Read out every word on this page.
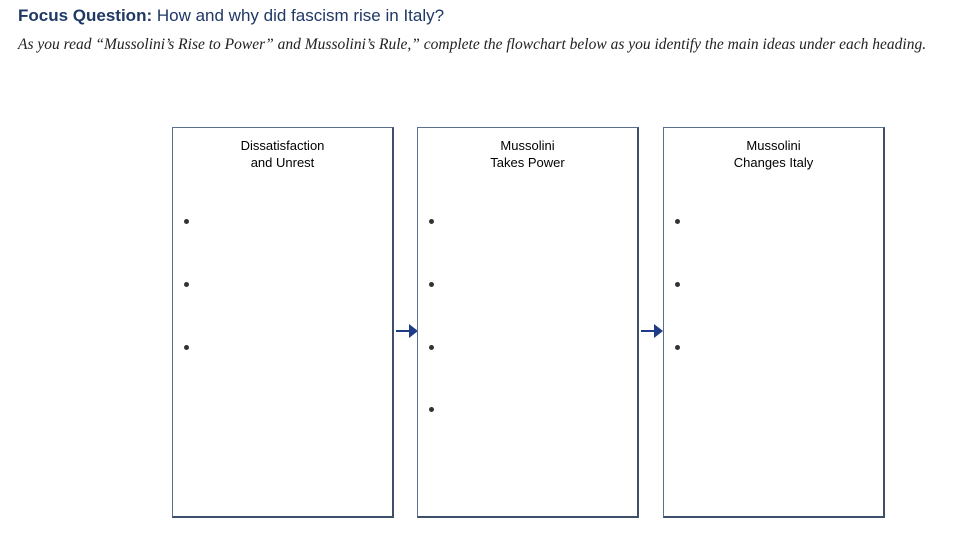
Focus Question: How and why did fascism rise in Italy?
As you read “Mussolini’s Rise to Power” and Mussolini’s Rule,” complete the flowchart below as you identify the main ideas under each heading.
Dissatisfaction
and Unrest
Mussolini
Takes Power
Mussolini
Changes Italy
